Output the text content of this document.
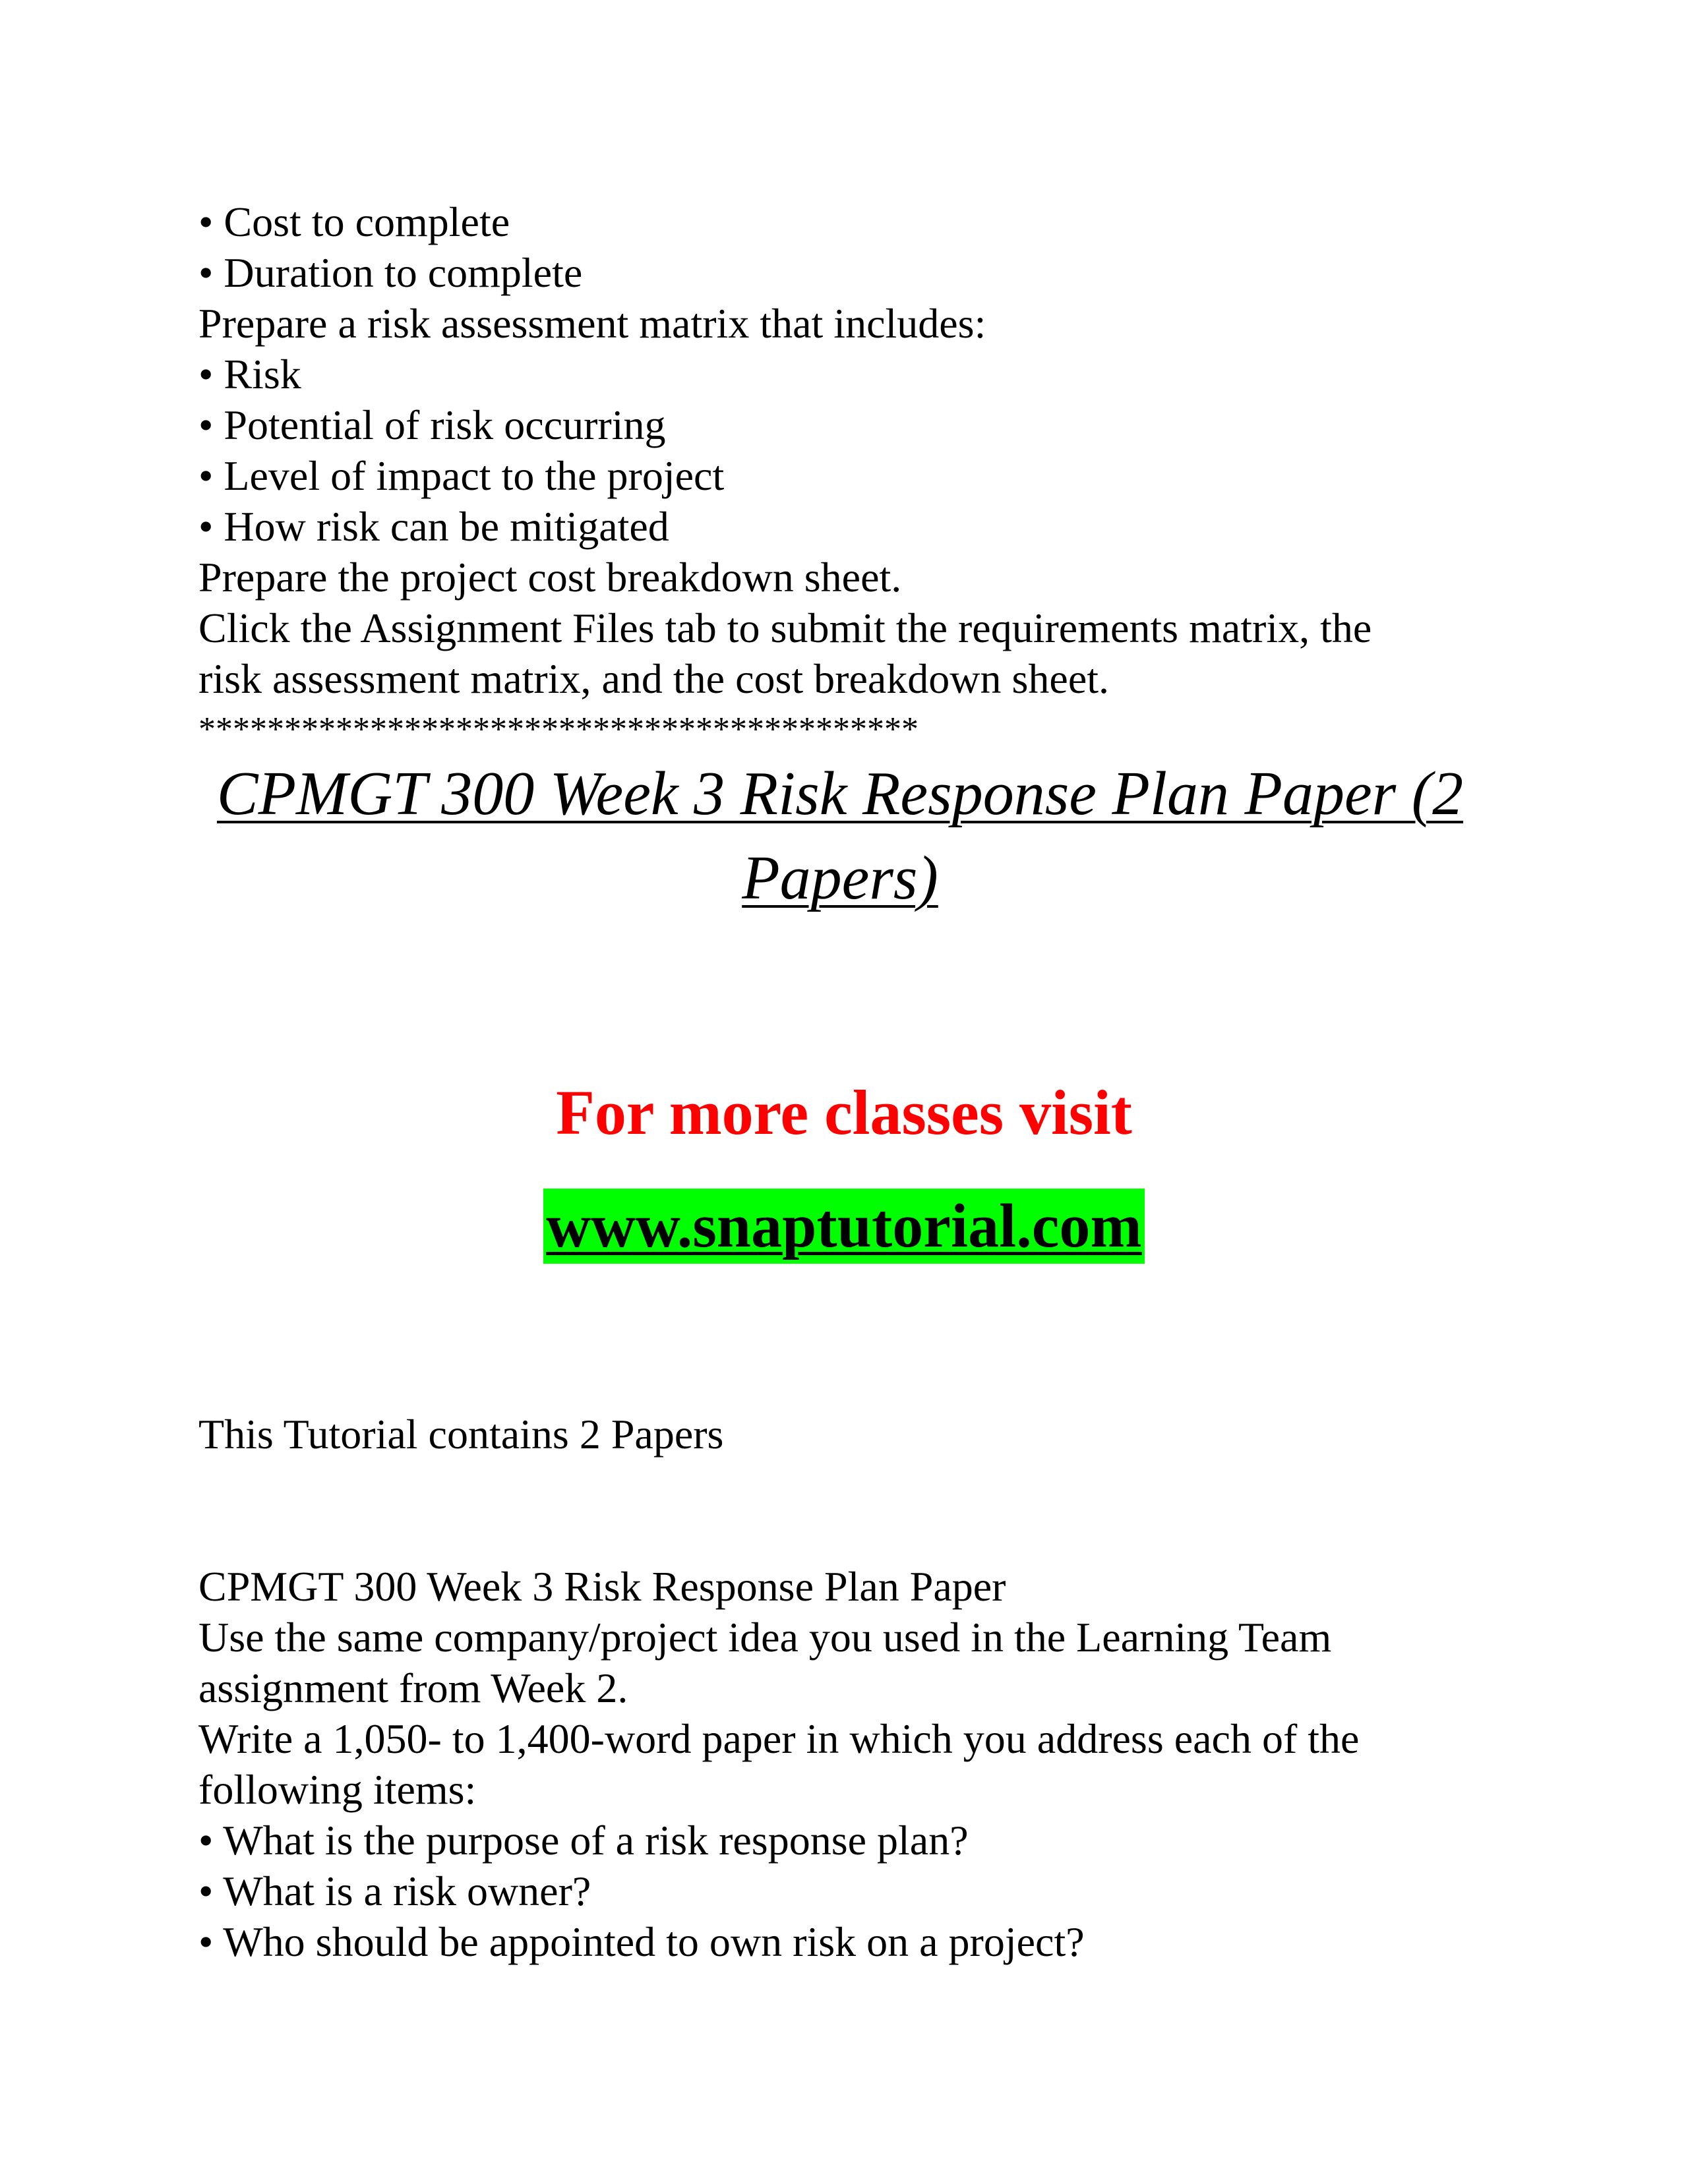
• Cost to complete
• Duration to complete
Prepare a risk assessment matrix that includes:
• Risk
• Potential of risk occurring
• Level of impact to the project
• How risk can be mitigated
Prepare the project cost breakdown sheet.
Click the Assignment Files tab to submit the requirements matrix, the
risk assessment matrix, and the cost breakdown sheet.
******************************************
CPMGT 300 Week 3 Risk Response Plan Paper (2
Papers)
For more classes visit
www.snaptutorial.com
This Tutorial contains 2 Papers
CPMGT 300 Week 3 Risk Response Plan Paper
Use the same company/project idea you used in the Learning Team
assignment from Week 2.
Write a 1,050- to 1,400-word paper in which you address each of the
following items:
• What is the purpose of a risk response plan?
• What is a risk owner?
• Who should be appointed to own risk on a project?
